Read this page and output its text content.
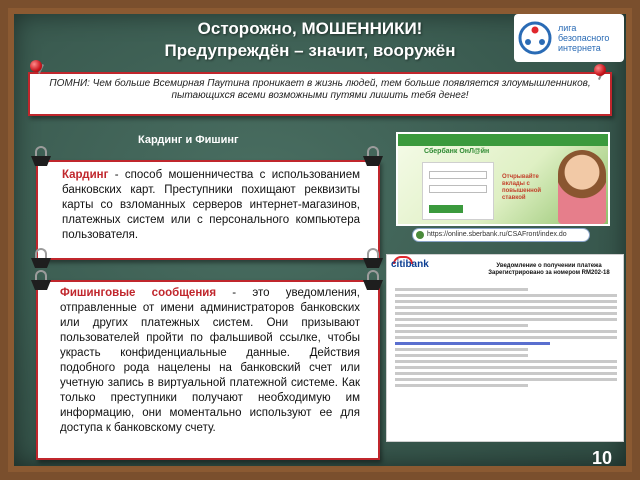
Осторожно, МОШЕННИКИ!
Предупреждён – значит, вооружён
лига
безопасного
интернета
ПОМНИ: Чем больше Всемирная Паутина проникает в жизнь людей, тем больше появляется злоумышленников, пытающихся всеми возможными путями лишить тебя денег!
Кардинг и Фишинг
Кардинг - способ мошенничества с использованием банковских карт. Преступники похищают реквизиты карты со взломанных серверов интернет-магазинов, платежных систем или с персонального компьютера пользователя.
Фишинговые сообщения - это уведомления, отправленные от имени администраторов банковских или других платежных систем. Они призывают пользователей пройти по фальшивой ссылке, чтобы украсть конфиденциальные данные. Действия подобного рода нацелены на банковский счет или учетную запись в виртуальной платежной системе. Как только преступники получают необходимую им информацию, они моментально используют ее для доступа к банковскому счету.
Сбербанк ОнЛ@йн
Отчрывайте вклады с повышенной ставкой
https://online.sberbank.ru/CSAFront/index.do
citibank	Уведомление о получении платежа Зарегистрировано за номером RM202-18
10
